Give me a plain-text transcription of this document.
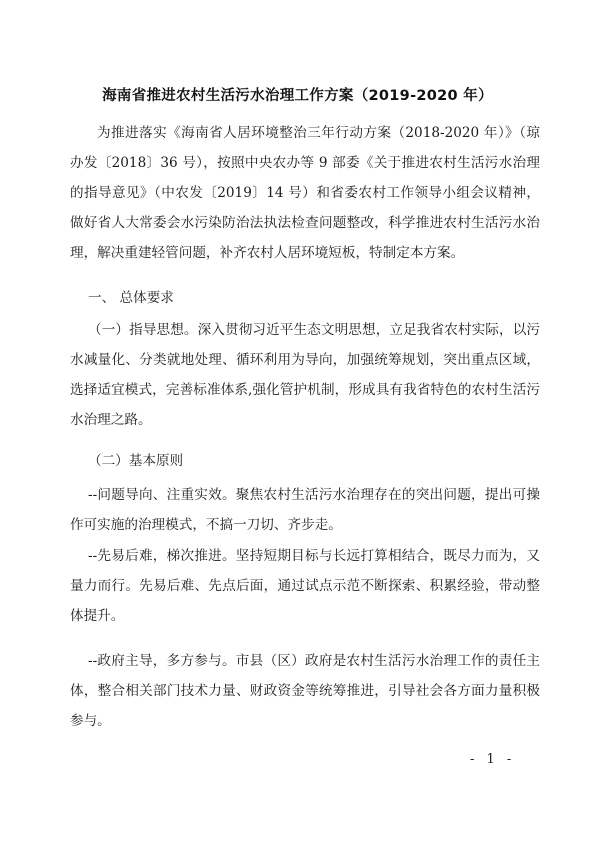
海南省推进农村生活污水治理工作方案（2019-2020 年）
为推进落实《海南省人居环境整治三年行动方案（2018-2020 年）》（琼办发〔2018〕36 号），按照中央农办等 9 部委《关于推进农村生活污水治理的指导意见》（中农发〔2019〕14 号）和省委农村工作领导小组会议精神，做好省人大常委会水污染防治法执法检查问题整改，科学推进农村生活污水治理，解决重建轻管问题，补齐农村人居环境短板，特制定本方案。
一、 总体要求
（一）指导思想。深入贯彻习近平生态文明思想，立足我省农村实际，以污水减量化、分类就地处理、循环利用为导向，加强统筹规划，突出重点区域，选择适宜模式，完善标准体系,强化管护机制，形成具有我省特色的农村生活污水治理之路。
（二）基本原则
--问题导向、注重实效。聚焦农村生活污水治理存在的突出问题，提出可操作可实施的治理模式，不搞一刀切、齐步走。
--先易后难，梯次推进。坚持短期目标与长远打算相结合，既尽力而为，又量力而行。先易后难、先点后面，通过试点示范不断探索、积累经验，带动整体提升。
--政府主导，多方参与。市县（区）政府是农村生活污水治理工作的责任主体，整合相关部门技术力量、财政资金等统筹推进，引导社会各方面力量积极参与。
- 1 -
